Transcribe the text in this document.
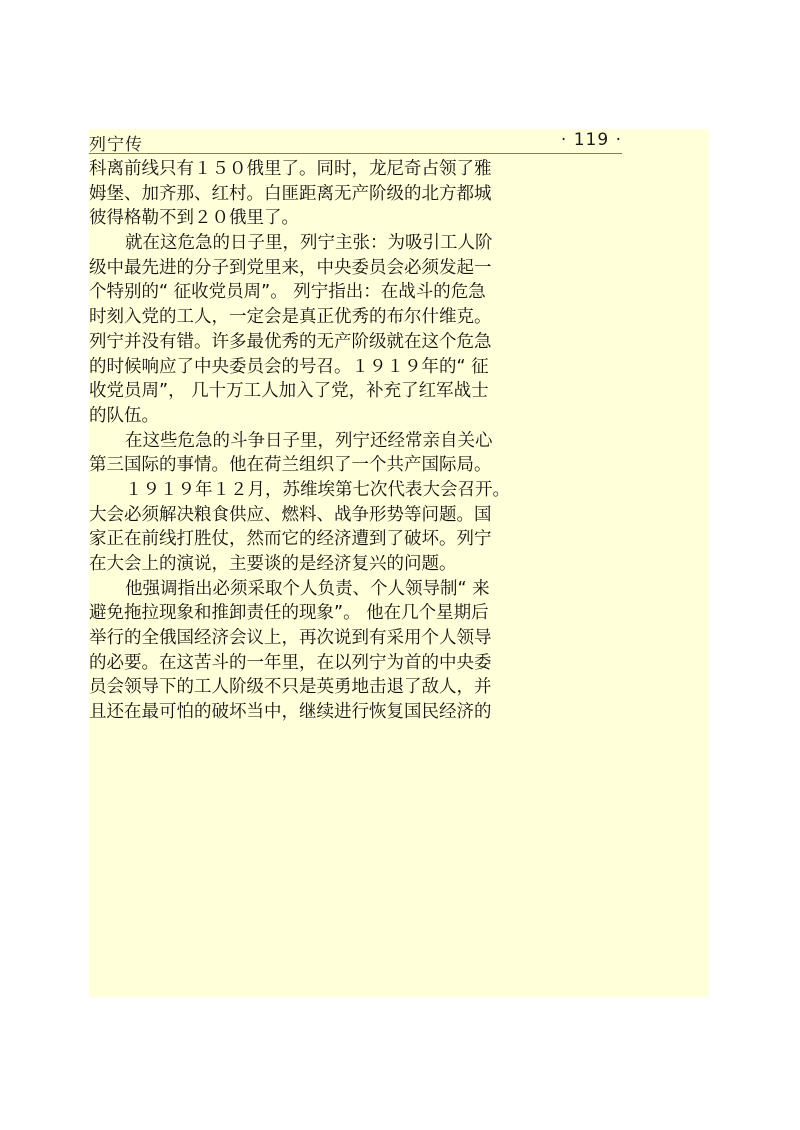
列宁传	· 119 ·
科离前线只有１５０俄里了。同时，龙尼奇占领了雅
姆堡、加齐那、红村。白匪距离无产阶级的北方都城
彼得格勒不到２０俄里了。
就在这危急的日子里，列宁主张：为吸引工人阶
级中最先进的分子到党里来，中央委员会必须发起一
个特别的“ 征收党员周”。 列宁指出：在战斗的危急
时刻入党的工人，一定会是真正优秀的布尔什维克。
列宁并没有错。许多最优秀的无产阶级就在这个危急
的时候响应了中央委员会的号召。１９１９年的“ 征
收党员周”， 几十万工人加入了党，补充了红军战士
的队伍。
在这些危急的斗争日子里，列宁还经常亲自关心
第三国际的事情。他在荷兰组织了一个共产国际局。
１９１９年１２月，苏维埃第七次代表大会召开。
大会必须解决粮食供应、燃料、战争形势等问题。国
家正在前线打胜仗，然而它的经济遭到了破坏。列宁
在大会上的演说，主要谈的是经济复兴的问题。
他强调指出必须采取个人负责、个人领导制“ 来
避免拖拉现象和推卸责任的现象”。 他在几个星期后
举行的全俄国经济会议上，再次说到有采用个人领导
的必要。在这苦斗的一年里，在以列宁为首的中央委
员会领导下的工人阶级不只是英勇地击退了敌人，并
且还在最可怕的破坏当中，继续进行恢复国民经济的
